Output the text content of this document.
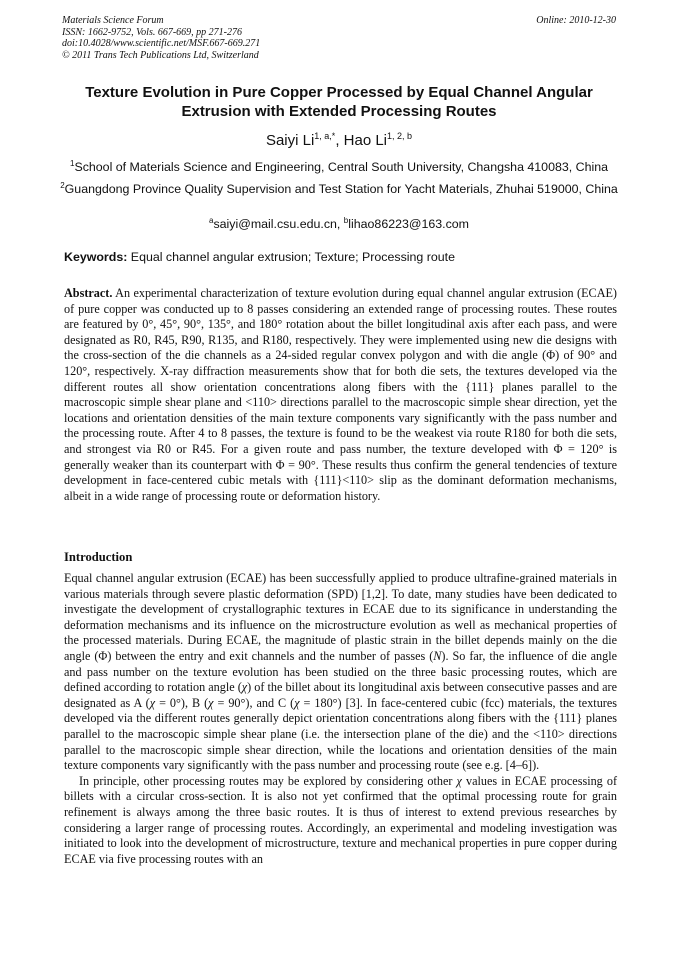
Materials Science Forum
ISSN: 1662-9752, Vols. 667-669, pp 271-276
doi:10.4028/www.scientific.net/MSF.667-669.271
© 2011 Trans Tech Publications Ltd, Switzerland
Online: 2010-12-30
Texture Evolution in Pure Copper Processed by Equal Channel Angular Extrusion with Extended Processing Routes
Saiyi $Li^{1, a,*}$, Hao Li$^{1, 2, b}$
$^1$School of Materials Science and Engineering, Central South University, Changsha 410083, China
$^2$Guangdong Province Quality Supervision and Test Station for Yacht Materials, Zhuhai 519000, China
$^a$saiyi@mail.csu.edu.cn, $^b$lihao86223@163.com
Keywords: Equal channel angular extrusion; Texture; Processing route

Abstract. An experimental characterization of texture evolution during equal channel angular extrusion (ECAE) of pure copper was conducted up to 8 passes considering an extended range of processing routes. These routes are featured by 0°, 45°, 90°, 135°, and 180° rotation about the billet longitudinal axis after each pass, and were designated as R0, R45, R90, R135, and R180, respectively. They were implemented using new die designs with the cross-section of the die channels as a 24-sided regular convex polygon and with die angle (Φ) of 90° and 120°, respectively. X-ray diffraction measurements show that for both die sets, the textures developed via the different routes all show orientation concentrations along fibers with the {111} planes parallel to the macroscopic simple shear plane and <110> directions parallel to the macroscopic simple shear direction, yet the locations and orientation densities of the main texture components vary significantly with the pass number and the processing route. After 4 to 8 passes, the texture is found to be the weakest via route R180 for both die sets, and strongest via R0 or R45. For a given route and pass number, the texture developed with Φ = 120° is generally weaker than its counterpart with Φ = 90°. These results thus confirm the general tendencies of texture development in face-centered cubic metals with {111}<110> slip as the dominant deformation mechanisms, albeit in a wide range of processing route or deformation history.

Introduction

Equal channel angular extrusion (ECAE) has been successfully applied to produce ultrafine-grained materials in various materials through severe plastic deformation (SPD) [1,2]. To date, many studies have been dedicated to investigate the development of crystallographic textures in ECAE due to its significance in understanding the deformation mechanisms and its influence on the microstructure evolution as well as mechanical properties of the processed materials. During ECAE, the magnitude of plastic strain in the billet depends mainly on the die angle (Φ) between the entry and exit channels and the number of passes (N). So far, the influence of die angle and pass number on the texture evolution has been studied on the three basic processing routes, which are defined according to rotation angle (χ) of the billet about its longitudinal axis between consecutive passes and are designated as A (χ = 0°), B (χ = 90°), and C (χ = 180°) [3]. In face-centered cubic (fcc) materials, the textures developed via the different routes generally depict orientation concentrations along fibers with the {111} planes parallel to the macroscopic simple shear plane (i.e. the intersection plane of the die) and the <110> directions parallel to the macroscopic simple shear direction, while the locations and orientation densities of the main texture components vary significantly with the pass number and processing route (see e.g. [4–6]).

In principle, other processing routes may be explored by considering other χ values in ECAE processing of billets with a circular cross-section. It is also not yet confirmed that the optimal processing route for grain refinement is always among the three basic routes. It is thus of interest to extend previous researches by considering a larger range of processing routes. Accordingly, an experimental and modeling investigation was initiated to look into the development of microstructure, texture and mechanical properties in pure copper during ECAE via five processing routes with an
